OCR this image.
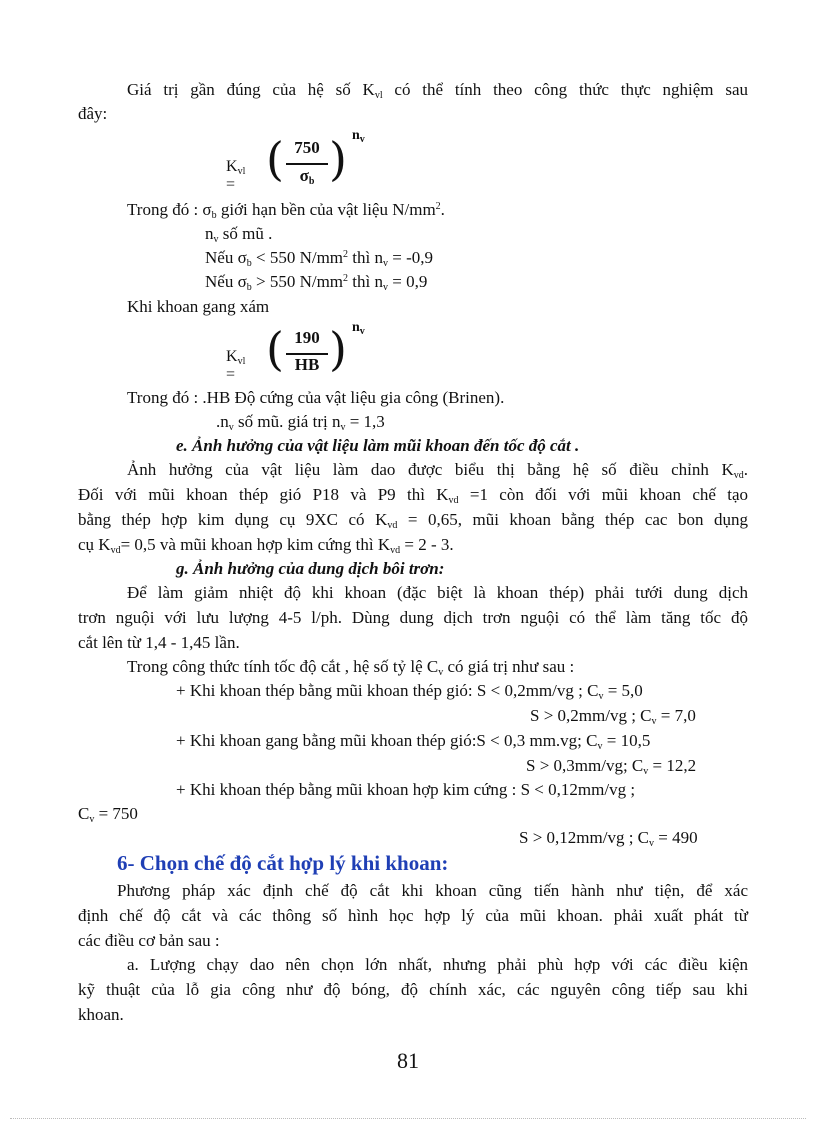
Giá trị gần đúng của hệ số $K_{vl}$ có thể tính theo công thức thực nghiệm sau
đây:
$K_{vl}$ = ( 750
$\sigma_b$ ) $n_v$
Trong đó : $\sigma_b$ giới hạn bền của vật liệu $N/mm^2$.
$n_v$ số mũ .
Nếu $\sigma_b < 550$ $N/mm^2$ thì $n_v = -0,9$
Nếu $\sigma_b > 550$ $N/mm^2$ thì $n_v = 0,9$
Khi khoan gang xám
$K_{vl}$ = ( 190
HB ) $n_v$
Trong đó : .HB Độ cứng của vật liệu gia công (Brinen).
$.n_v$ số mũ. giá trị $n_v = 1,3$
e. Ảnh hưởng của vật liệu làm mũi khoan đến tốc độ cắt .
Ảnh hưởng của vật liệu làm dao được biểu thị bằng hệ số điều chỉnh $K_{vd}$.
Đối với mũi khoan thép gió P18 và P9 thì $K_{vd} =1$ còn đối với mũi khoan chế tạo
bằng thép hợp kim dụng cụ 9XC có $K_{vd} = 0,65$, mũi khoan bằng thép cac bon dụng
cụ $K_{vd}= 0,5$ và mũi khoan hợp kim cứng thì $K_{vd} = 2 - 3$.
g. Ảnh hưởng của dung dịch bôi trơn:
Để làm giảm nhiệt độ khi khoan (đặc biệt là khoan thép) phải tưới dung dịch
trơn nguội với lưu lượng 4-5 l/ph. Dùng dung dịch trơn nguội có thể làm tăng tốc độ
cắt lên từ 1,4 - 1,45 lần.
Trong công thức tính tốc độ cắt , hệ số tỷ lệ $C_v$ có giá trị như sau :
+ Khi khoan thép bằng mũi khoan thép gió: S < 0,2mm/vg ; $C_v = 5,0$
S > 0,2mm/vg ; $C_v = 7,0$
+ Khi khoan gang bằng mũi khoan thép gió:S < 0,3 mm.vg; $C_v = 10,5$
S > 0,3mm/vg; $C_v = 12,2$
+ Khi khoan thép bằng mũi khoan hợp kim cứng : S < 0,12mm/vg ;
$C_v = 750$
S > 0,12mm/vg ; $C_v = 490$
6- Chọn chế độ cắt hợp lý khi khoan:
Phương pháp xác định chế độ cắt khi khoan cũng tiến hành như tiện, để xác
định chế độ cắt và các thông số hình học hợp lý của mũi khoan. phải xuất phát từ
các điều cơ bản sau :
a. Lượng chạy dao nên chọn lớn nhất, nhưng phải phù hợp với các điều kiện
kỹ thuật của lỗ gia công như độ bóng, độ chính xác, các nguyên công tiếp sau khi
khoan.
81
